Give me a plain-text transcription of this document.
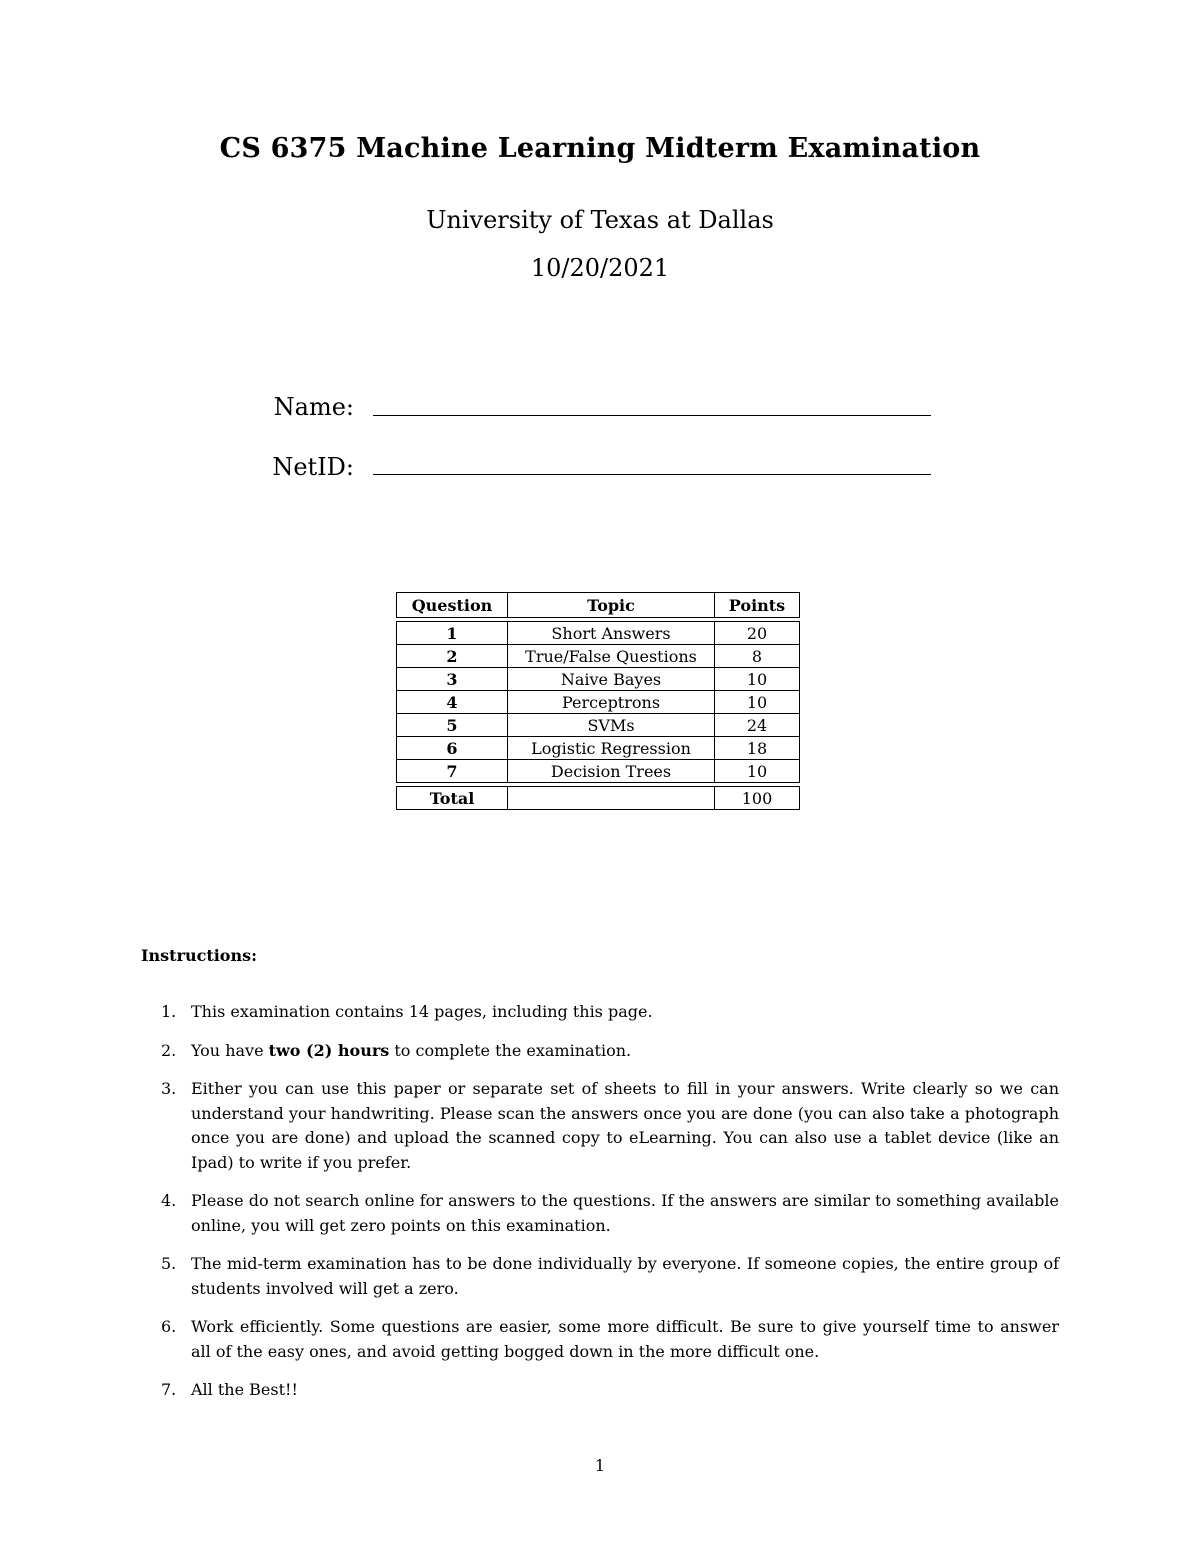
CS 6375 Machine Learning Midterm Examination
University of Texas at Dallas
10/20/2021
Name:
NetID:
Question	Topic	Points

1	Short Answers	20
2	True/False Questions	8
3	Naive Bayes	10
4	Perceptrons	10
5	SVMs	24
6	Logistic Regression	18
7	Decision Trees	10

Total		100
Instructions:
1. This examination contains 14 pages, including this page.
2. You have two (2) hours to complete the examination.
3. Either you can use this paper or separate set of sheets to fill in your answers. Write clearly so we can understand your handwriting. Please scan the answers once you are done (you can also take a photograph once you are done) and upload the scanned copy to eLearning. You can also use a tablet device (like an Ipad) to write if you prefer.
4. Please do not search online for answers to the questions. If the answers are similar to something available online, you will get zero points on this examination.
5. The mid-term examination has to be done individually by everyone. If someone copies, the entire group of students involved will get a zero.
6. Work efficiently. Some questions are easier, some more difficult. Be sure to give yourself time to answer all of the easy ones, and avoid getting bogged down in the more difficult one.
7. All the Best!!
1
